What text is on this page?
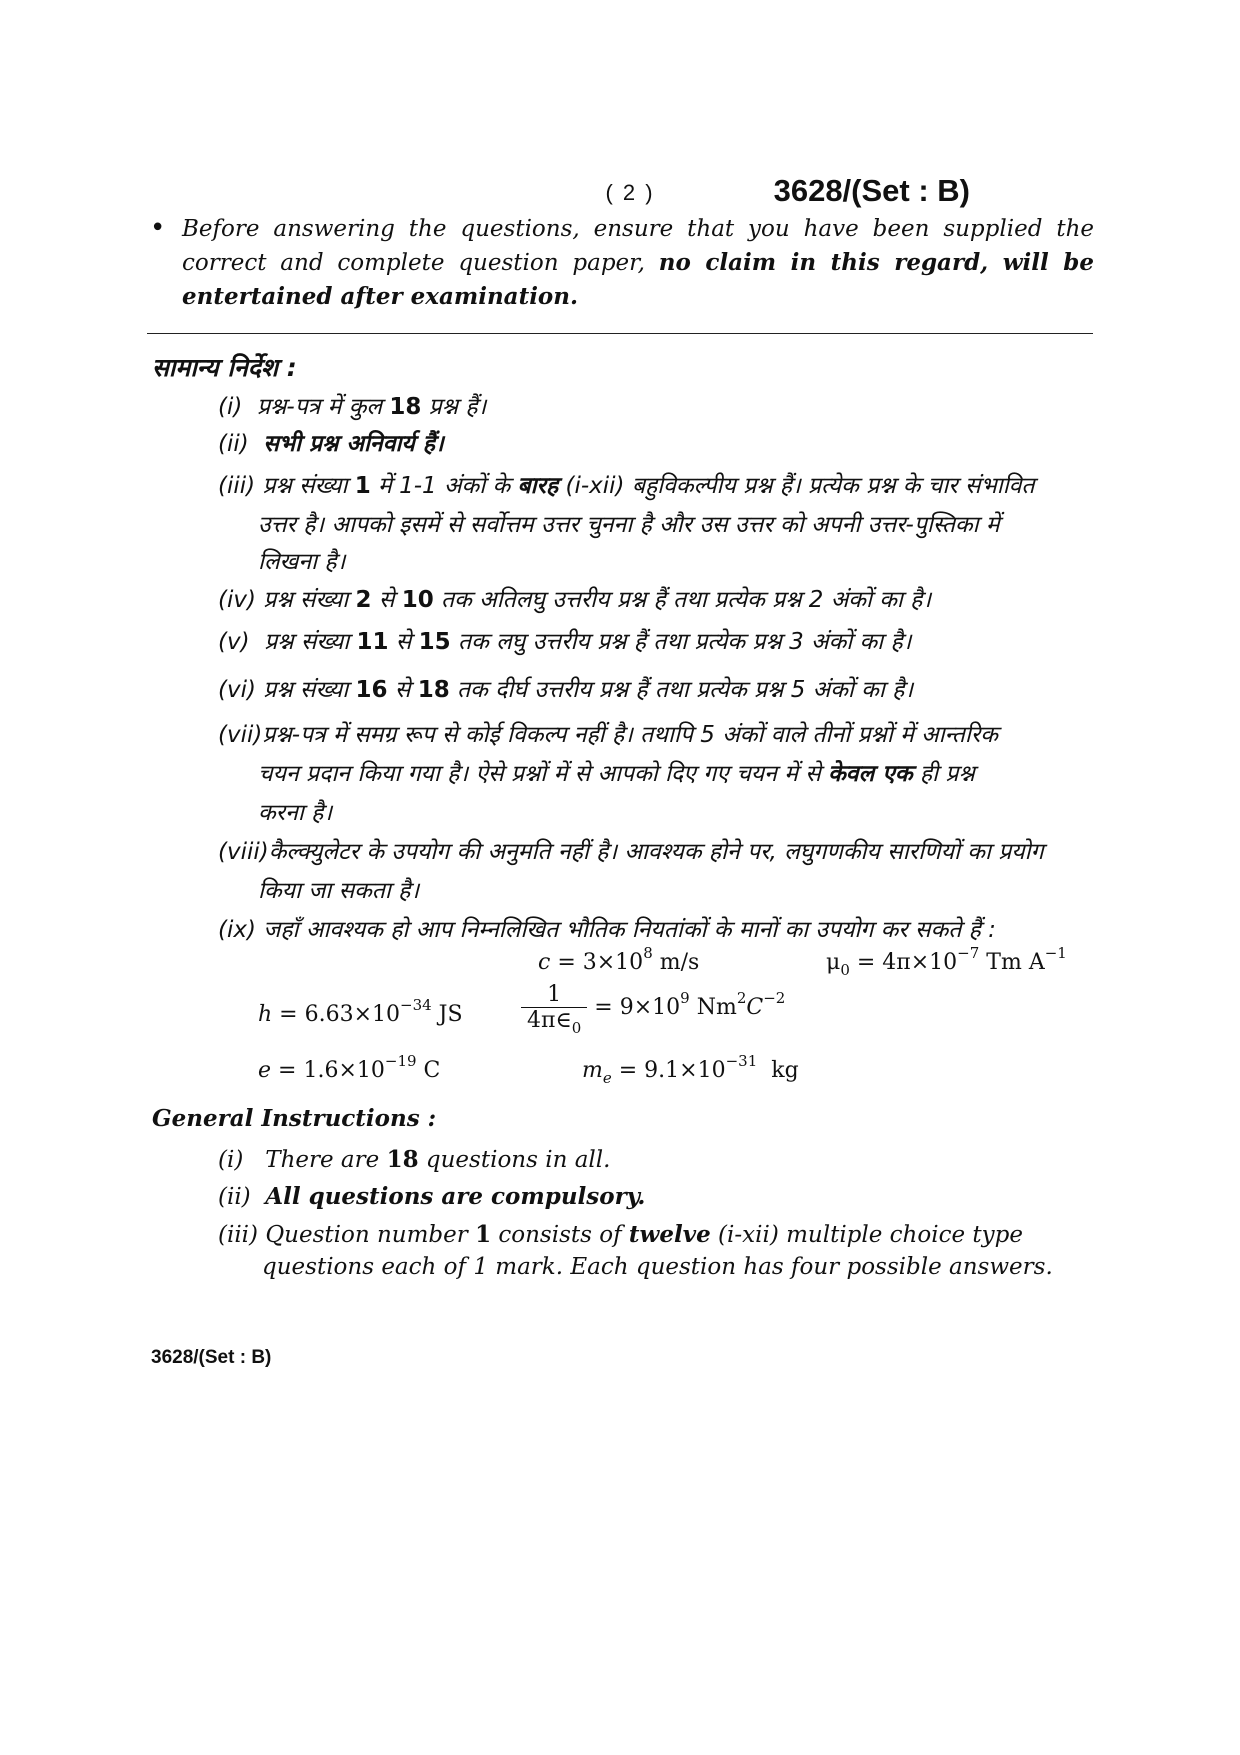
( 2 )	3628/(Set : B)
• Before answering the questions, ensure that you have been supplied the correct and complete question paper, no claim in this regard, will be entertained after examination.
सामान्य निर्देश :
(i) प्रश्न-पत्र में कुल 18 प्रश्न हैं।
(ii) सभी प्रश्न अनिवार्य हैं।
(iii) प्रश्न संख्या 1 में 1-1 अंकों के बारह (i-xii) बहुविकल्पीय प्रश्न हैं। प्रत्येक प्रश्न के चार संभावित
उत्तर है। आपको इसमें से सर्वोत्तम उत्तर चुनना है और उस उत्तर को अपनी उत्तर-पुस्तिका में
लिखना है।
(iv) प्रश्न संख्या 2 से 10 तक अतिलघु उत्तरीय प्रश्न हैं तथा प्रत्येक प्रश्न 2 अंकों का है।
(v) प्रश्न संख्या 11 से 15 तक लघु उत्तरीय प्रश्न हैं तथा प्रत्येक प्रश्न 3 अंकों का है।
(vi) प्रश्न संख्या 16 से 18 तक दीर्घ उत्तरीय प्रश्न हैं तथा प्रत्येक प्रश्न 5 अंकों का है।
(vii)प्रश्न-पत्र में समग्र रूप से कोई विकल्प नहीं है। तथापि 5 अंकों वाले तीनों प्रश्नों में आन्तरिक
चयन प्रदान किया गया है। ऐसे प्रश्नों में से आपको दिए गए चयन में से केवल एक ही प्रश्न
करना है।
(viii)कैल्क्युलेटर के उपयोग की अनुमति नहीं है। आवश्यक होने पर, लघुगणकीय सारणियों का प्रयोग
किया जा सकता है।
(ix) जहाँ आवश्यक हो आप निम्नलिखित भौतिक नियतांकों के मानों का उपयोग कर सकते हैं :
$c = 3\times 10^8$ m/s	$\mu_0 = 4\pi\times 10^{-7}$ Tm $A^{-1}$
$h = 6.63\times 10^{-34}$ JS	$\frac{1}{4\pi\in_0} = 9\times 10^9$ $Nm^2C^{-2}$
$e = 1.6\times 10^{-19}$ C	$m_e = 9.1\times 10^{-31}$  kg
General Instructions :
(i) There are 18 questions in all.
(ii) All questions are compulsory.
(iii) Question number 1 consists of twelve (i-xii) multiple choice type
questions each of 1 mark. Each question has four possible answers.
3628/(Set : B)
